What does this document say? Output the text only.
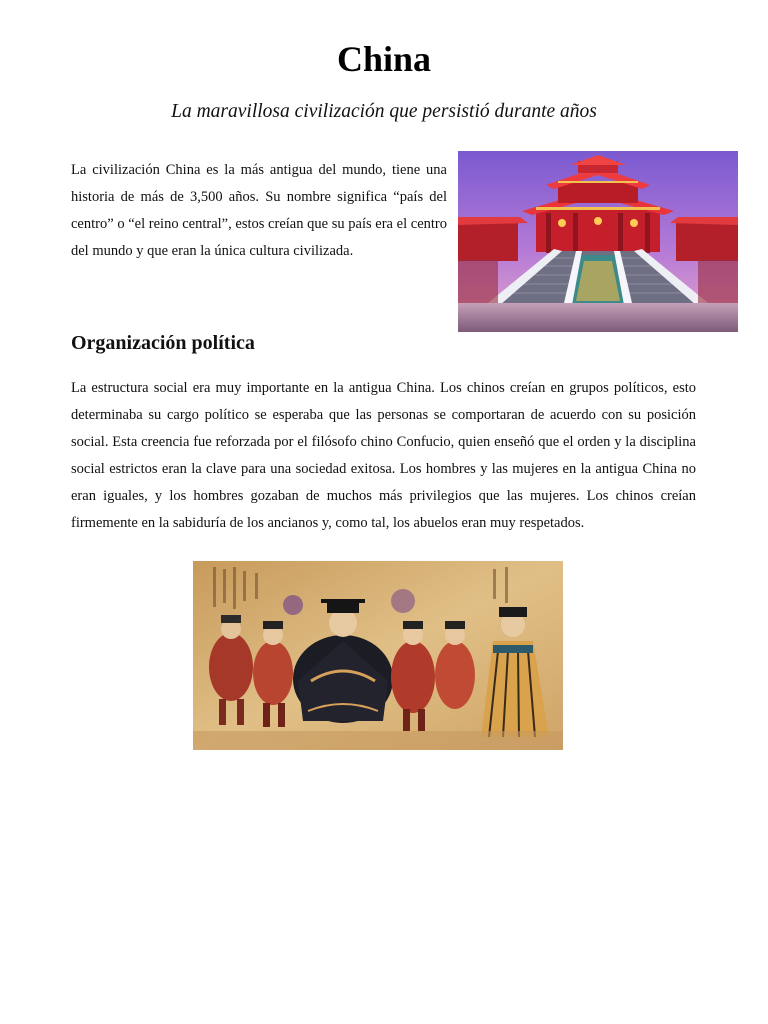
China

La maravillosa civilización que persistió durante años

La civilización China es la más antigua del mundo, tiene una historia de más de 3,500 años. Su nombre significa “país del centro” o “el reino central”, estos creían que su país era el centro del mundo y que eran la única cultura civilizada.

Organización política

La estructura social era muy importante en la antigua China. Los chinos creían en grupos políticos, esto determinaba su cargo político se esperaba que las personas se comportaran de acuerdo con su posición social. Esta creencia fue reforzada por el filósofo chino Confucio, quien enseñó que el orden y la disciplina social estrictos eran la clave para una sociedad exitosa. Los hombres y las mujeres en la antigua China no eran iguales, y los hombres gozaban de muchos más privilegios que las mujeres. Los chinos creían firmemente en la sabiduría de los ancianos y, como tal, los abuelos eran muy respetados.
